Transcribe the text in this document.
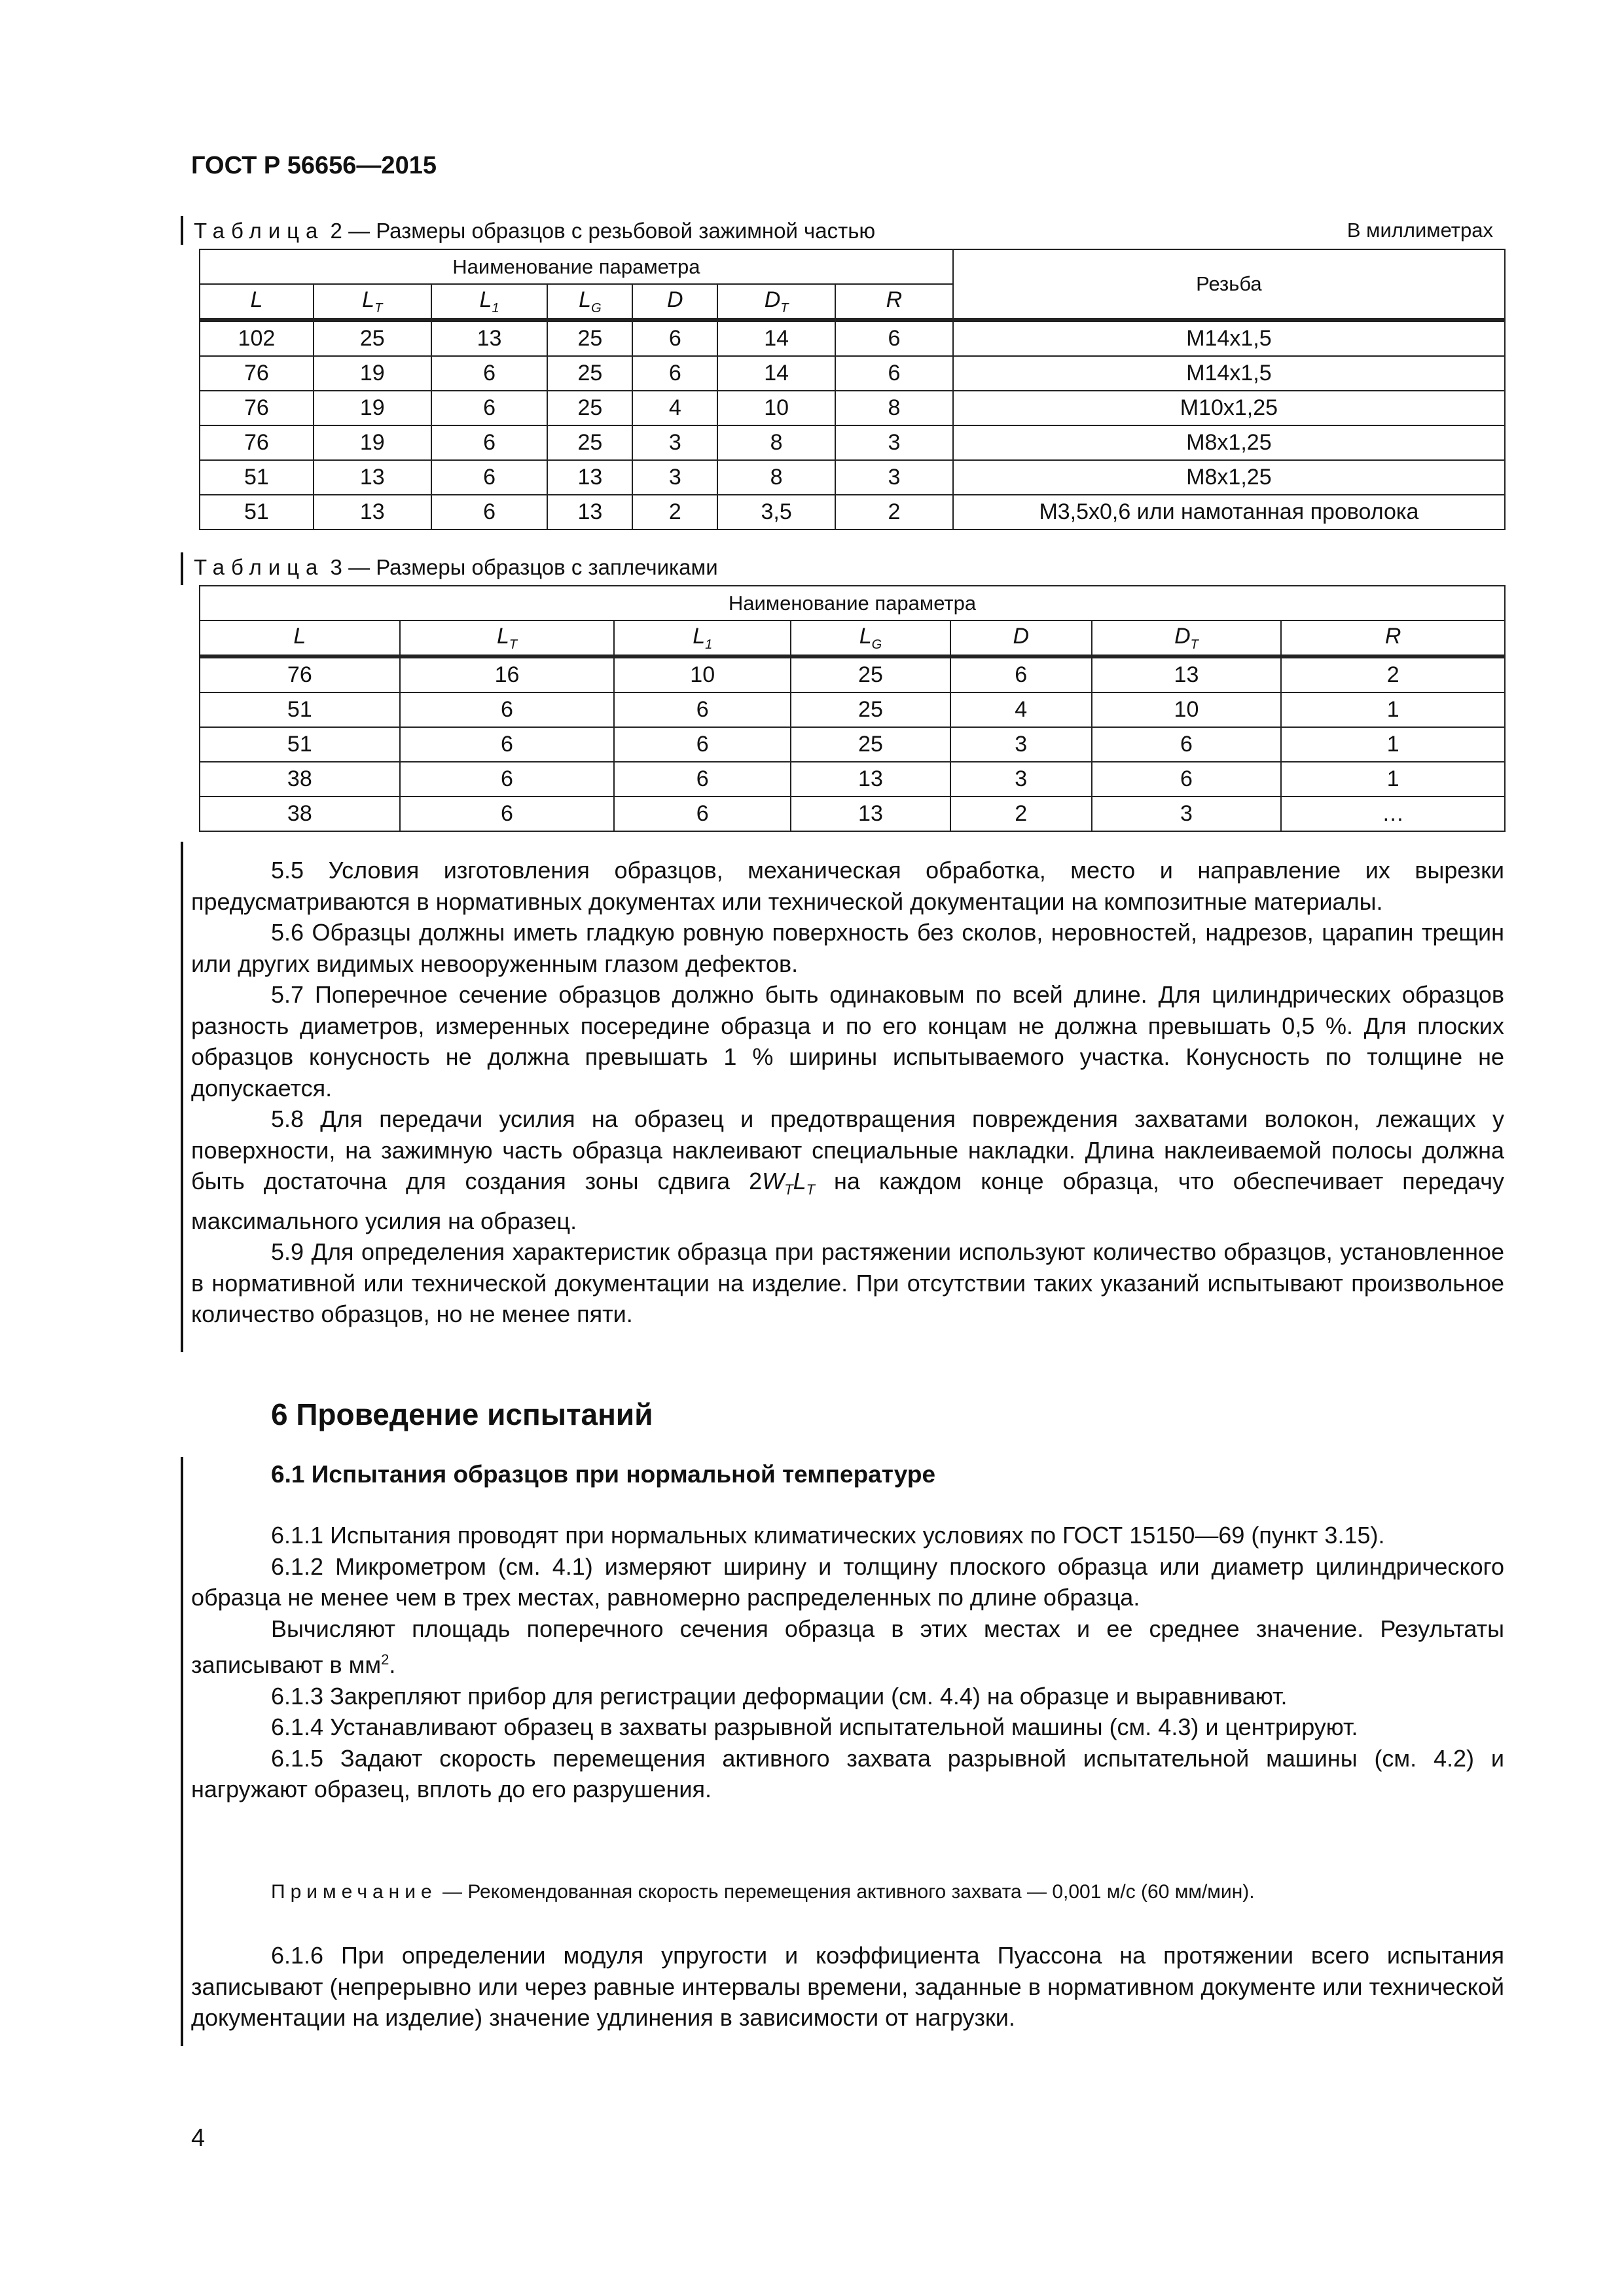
ГОСТ Р 56656—2015
Таблица 2 — Размеры образцов с резьбовой зажимной частью	В миллиметрах
Наименование параметра							Резьба
L	$L_T$	$L_1$	$L_G$	D	$D_T$	R	
102	25	13	25	6	14	6	M14x1,5
76	19	6	25	6	14	6	M14x1,5
76	19	6	25	4	10	8	M10x1,25
76	19	6	25	3	8	3	M8x1,25
51	13	6	13	3	8	3	M8x1,25
51	13	6	13	2	3,5	2	M3,5x0,6 или намотанная проволока
Таблица 3 — Размеры образцов с заплечиками
Наименование параметра						
L	$L_T$	$L_1$	$L_G$	D	$D_T$	R
76	16	10	25	6	13	2
51	6	6	25	4	10	1
51	6	6	25	3	6	1
38	6	6	13	3	6	1
38	6	6	13	2	3	…

5.5 Условия изготовления образцов, механическая обработка, место и направление их вырезки предусматриваются в нормативных документах или технической документации на композитные материалы.

5.6 Образцы должны иметь гладкую ровную поверхность без сколов, неровностей, надрезов, царапин трещин или других видимых невооруженным глазом дефектов.

5.7 Поперечное сечение образцов должно быть одинаковым по всей длине. Для цилиндрических образцов разность диаметров, измеренных посередине образца и по его концам не должна превышать 0,5 %. Для плоских образцов конусность не должна превышать 1 % ширины испытываемого участка. Конусность по толщине не допускается.

5.8 Для передачи усилия на образец и предотвращения повреждения захватами волокон, лежащих у поверхности, на зажимную часть образца наклеивают специальные накладки. Длина наклеиваемой полосы должна быть достаточна для создания зоны сдвига $2W_TL_T$ на каждом конце образца, что обеспечивает передачу максимального усилия на образец.

5.9 Для определения характеристик образца при растяжении используют количество образцов, установленное в нормативной или технической документации на изделие. При отсутствии таких указаний испытывают произвольное количество образцов, но не менее пяти.

6 Проведение испытаний
6.1 Испытания образцов при нормальной температуре

6.1.1 Испытания проводят при нормальных климатических условиях по ГОСТ 15150—69 (пункт 3.15).

6.1.2 Микрометром (см. 4.1) измеряют ширину и толщину плоского образца или диаметр цилиндрического образца не менее чем в трех местах, равномерно распределенных по длине образца.

Вычисляют площадь поперечного сечения образца в этих местах и ее среднее значение. Результаты записывают в $мм^2$.

6.1.3 Закрепляют прибор для регистрации деформации (см. 4.4) на образце и выравнивают.

6.1.4 Устанавливают образец в захваты разрывной испытательной машины (см. 4.3) и центрируют.

6.1.5 Задают скорость перемещения активного захвата разрывной испытательной машины (см. 4.2) и нагружают образец, вплоть до его разрушения.

Примечание — Рекомендованная скорость перемещения активного захвата — 0,001 м/с (60 мм/мин).

6.1.6 При определении модуля упругости и коэффициента Пуассона на протяжении всего испытания записывают (непрерывно или через равные интервалы времени, заданные в нормативном документе или технической документации на изделие) значение удлинения в зависимости от нагрузки.

4
